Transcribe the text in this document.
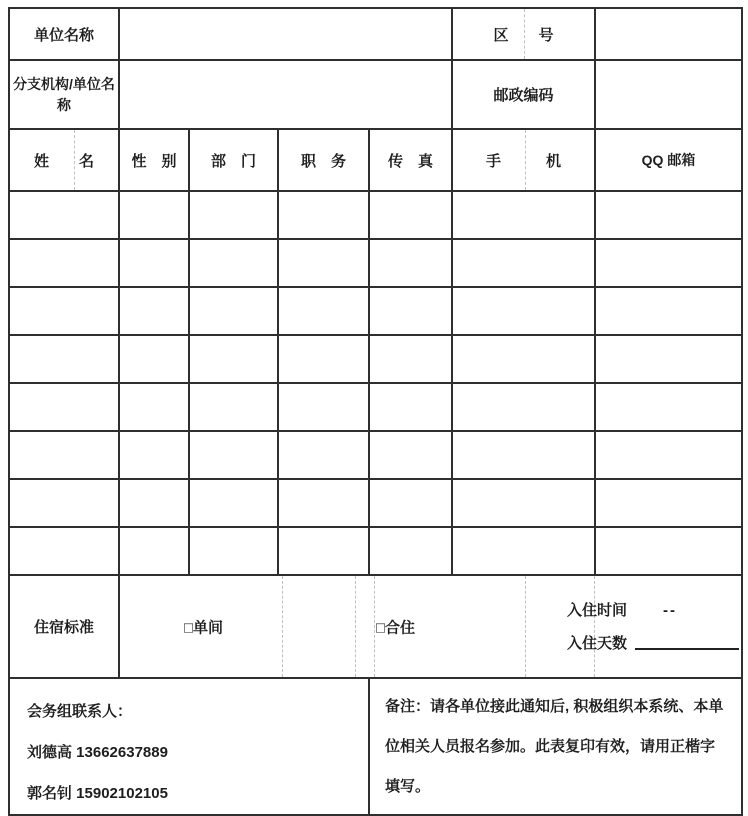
单位名称					区　　号	
分支机构/单位名称					邮政编码	

姓　　名	性　别	部　门	职　务	传　真	手　　　机	QQ 邮箱

住宿标准	□单间 □合住
入住时间 --
入住天数					

会务组联系人：
刘德高 13662637889
郭名钊 15902102105				备注：请各单位接此通知后, 积极组织本系统、本单位相关人员报名参加。此表复印有效，请用正楷字填写。		
